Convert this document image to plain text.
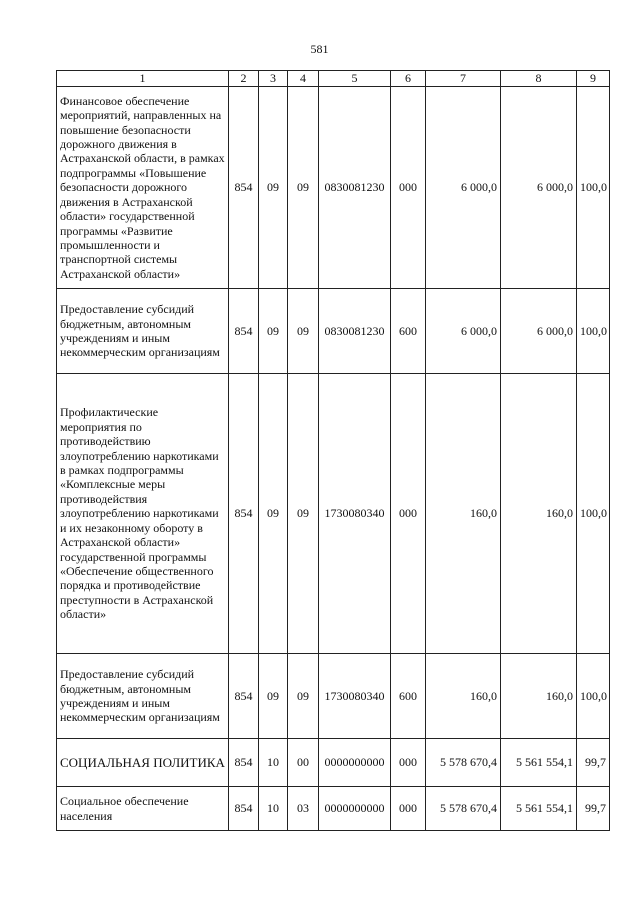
581
1	2	3	4	5	6	7	8	9
Финансовое обеспечение мероприятий, направленных на повышение безопасности дорожного движения в Астраханской области, в рамках подпрограммы «Повышение безопасности дорожного движения в Астраханской области» государственной программы «Развитие промышленности и транспортной системы Астраханской области»	854	09	09	0830081230	000	6 000,0	6 000,0	100,0
Предоставление субсидий бюджетным, автономным учреждениям и иным некоммерческим организациям	854	09	09	0830081230	600	6 000,0	6 000,0	100,0
Профилактические мероприятия по противодействию злоупотреблению наркотиками в рамках подпрограммы «Комплексные меры противодействия злоупотреблению наркотиками и их незаконному обороту в Астраханской области» государственной программы «Обеспечение общественного порядка и противодействие преступности в Астраханской области»	854	09	09	1730080340	000	160,0	160,0	100,0
Предоставление субсидий бюджетным, автономным учреждениям и иным некоммерческим организациям	854	09	09	1730080340	600	160,0	160,0	100,0
СОЦИАЛЬНАЯ ПОЛИТИКА	854	10	00	0000000000	000	5 578 670,4	5 561 554,1	99,7
Социальное обеспечение населения	854	10	03	0000000000	000	5 578 670,4	5 561 554,1	99,7
